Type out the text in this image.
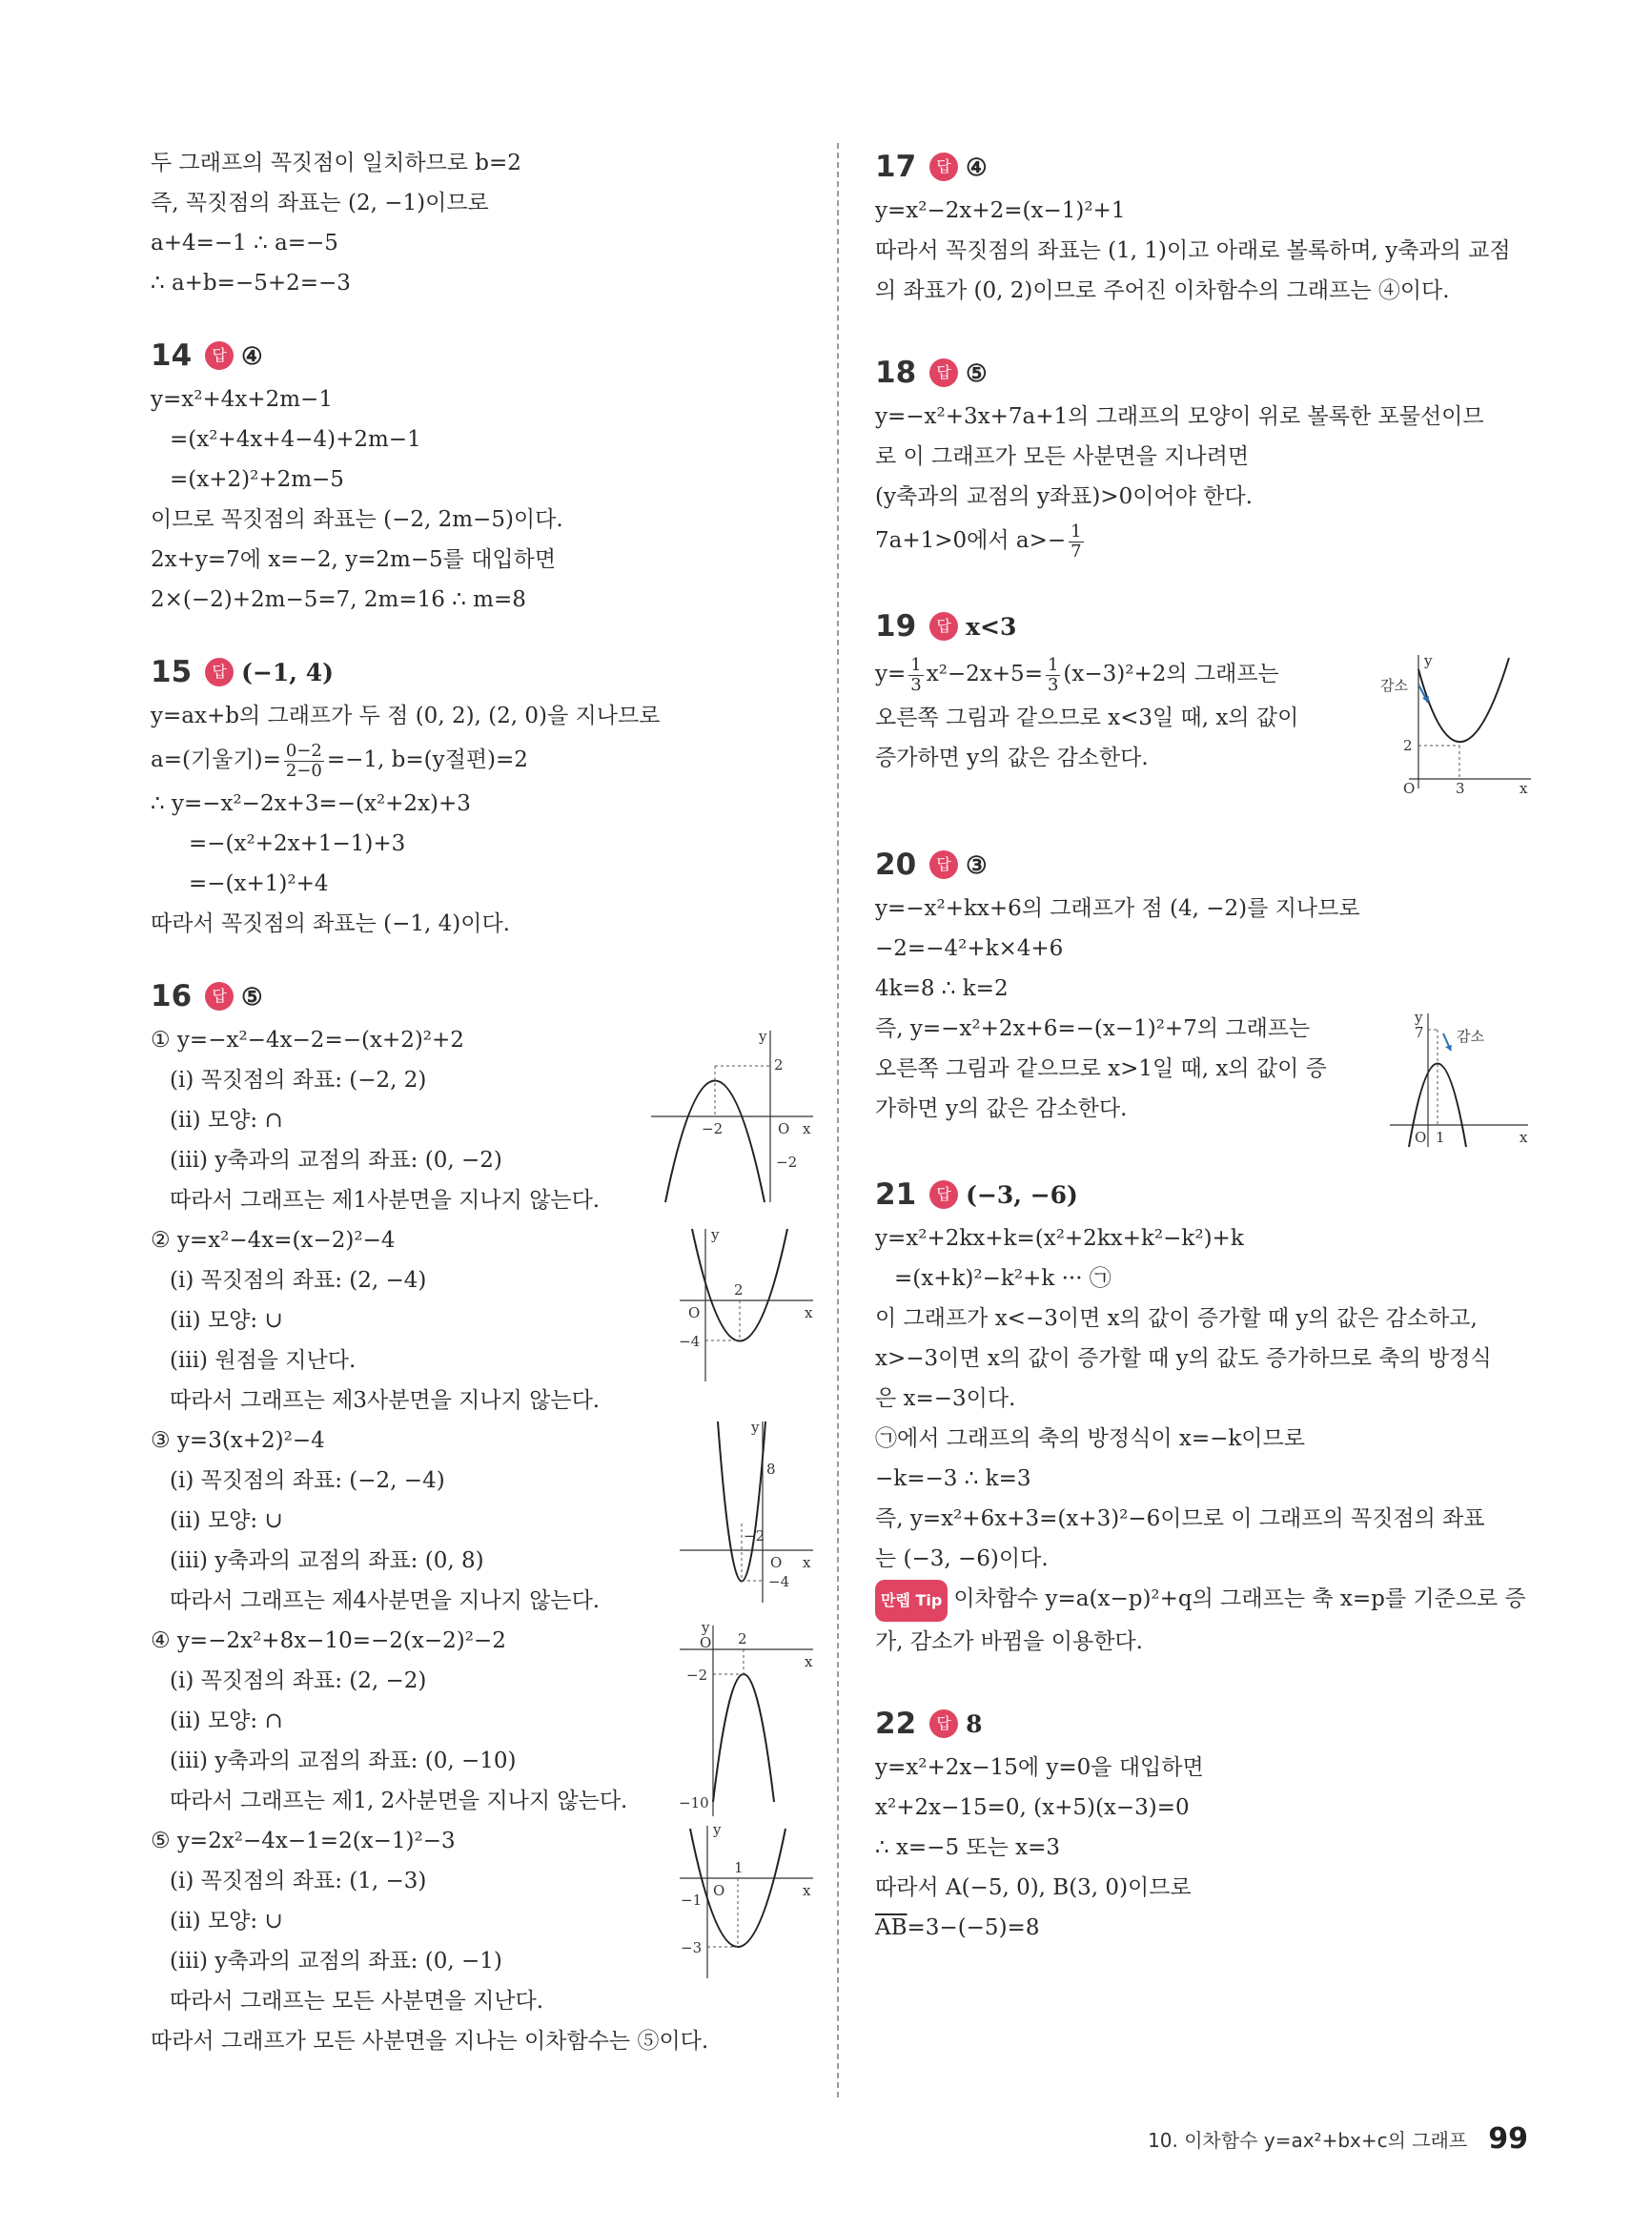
두 그래프의 꼭짓점이 일치하므로 b=2
즉, 꼭짓점의 좌표는 (2, −1)이므로
a+4=−1 ∴ a=−5
∴ a+b=−5+2=−3
14	답 ④
y=x²+4x+2m−1
=(x²+4x+4−4)+2m−1
=(x+2)²+2m−5
이므로 꼭짓점의 좌표는 (−2, 2m−5)이다.
2x+y=7에 x=−2, y=2m−5를 대입하면
2×(−2)+2m−5=7, 2m=16 ∴ m=8
15	답 (−1, 4)
y=ax+b의 그래프가 두 점 (0, 2), (2, 0)을 지나므로
a=(기울기)= $\frac{0-2}{2-0} =-1$, b=(y절편)=2
∴ y=−x²−2x+3=−(x²+2x)+3
=−(x²+2x+1−1)+3
=−(x+1)²+4
따라서 꼭짓점의 좌표는 (−1, 4)이다.
16	답 ⑤
① y=−x²−4x−2=−(x+2)²+2
(ⅰ) 꼭짓점의 좌표: (−2, 2)
(ⅱ) 모양: ∩
(ⅲ) y축과의 교점의 좌표: (0, −2)
따라서 그래프는 제1사분면을 지나지 않는다.
y
2
−2	O x
−2
② y=x²−4x=(x−2)²−4
(ⅰ) 꼭짓점의 좌표: (2, −4)
(ⅱ) 모양: ∪
(ⅲ) 원점을 지난다.
따라서 그래프는 제3사분면을 지나지 않는다.
y
2
O	x
−4
③ y=3(x+2)²−4
(ⅰ) 꼭짓점의 좌표: (−2, −4)
(ⅱ) 모양: ∪
(ⅲ) y축과의 교점의 좌표: (0, 8)
따라서 그래프는 제4사분면을 지나지 않는다.
y
8
−2
O x
−4
④ y=−2x²+8x−10=−2(x−2)²−2
(ⅰ) 꼭짓점의 좌표: (2, −2)
(ⅱ) 모양: ∩
(ⅲ) y축과의 교점의 좌표: (0, −10)
따라서 그래프는 제1, 2사분면을 지나지 않는다.
y
O 2
x
−2
−10
⑤ y=2x²−4x−1=2(x−1)²−3
(ⅰ) 꼭짓점의 좌표: (1, −3)
(ⅱ) 모양: ∪
(ⅲ) y축과의 교점의 좌표: (0, −1)
따라서 그래프는 모든 사분면을 지난다.
y
1
O	x
−1
−3
따라서 그래프가 모든 사분면을 지나는 이차함수는 ⑤이다.
17	답 ④
y=x²−2x+2=(x−1)²+1
따라서 꼭짓점의 좌표는 (1, 1)이고 아래로 볼록하며, y축과의 교점
의 좌표가 (0, 2)이므로 주어진 이차함수의 그래프는 ④이다.
18	답 ⑤
y=−x²+3x+7a+1의 그래프의 모양이 위로 볼록한 포물선이므
로 이 그래프가 모든 사분면을 지나려면
(y축과의 교점의 y좌표)>0이어야 한다.
7a+1>0에서 $a>- \frac{1}{7}$
19	답 x<3
$y= \frac{1}{3} x^2-2x+5= \frac{1}{3} (x-3)^2+2$의 그래프는
오른쪽 그림과 같으므로 x<3일 때, x의 값이
증가하면 y의 값은 감소한다.
y
감소
2
O	3	x
20	답 ③
y=−x²+kx+6의 그래프가 점 (4, −2)를 지나므로
−2=−4²+k×4+6
4k=8 ∴ k=2
즉, y=−x²+2x+6=−(x−1)²+7의 그래프는
오른쪽 그림과 같으므로 x>1일 때, x의 값이 증
가하면 y의 값은 감소한다.
y
7 감소
O 1	x
21	답 (−3, −6)
y=x²+2kx+k=(x²+2kx+k²−k²)+k
=(x+k)²−k²+k ··· ㉠
이 그래프가 x<−3이면 x의 값이 증가할 때 y의 값은 감소하고,
x>−3이면 x의 값이 증가할 때 y의 값도 증가하므로 축의 방정식
은 x=−3이다.
㉠에서 그래프의 축의 방정식이 x=−k이므로
−k=−3 ∴ k=3
즉, y=x²+6x+3=(x+3)²−6이므로 이 그래프의 꼭짓점의 좌표
는 (−3, −6)이다.
만렙 Tip 이차함수 y=a(x−p)²+q의 그래프는 축 x=p를 기준으로 증
가, 감소가 바뀜을 이용한다.
22	답 8
y=x²+2x−15에 y=0을 대입하면
x²+2x−15=0, (x+5)(x−3)=0
∴ x=−5 또는 x=3
따라서 A(−5, 0), B(3, 0)이므로
$\overline{AB}=3-(-5)=8$
10. 이차함수 y=ax²+bx+c의 그래프 99
